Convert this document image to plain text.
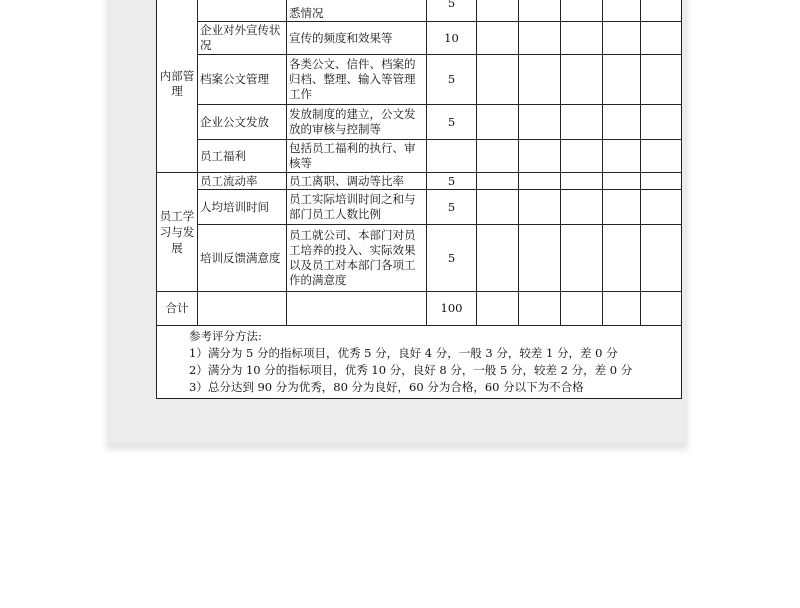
内部管理		悉情况	5					
	企业对外宣传状况	宣传的频度和效果等	10					
	档案公文管理	各类公文、信件、档案的归档、整理、输入等管理工作	5					
	企业公文发放	发放制度的建立，公文发放的审核与控制等	5					
	员工福利	包括员工福利的执行、审核等						
员工学习与发展	员工流动率	员工离职、调动等比率	5					
	人均培训时间	员工实际培训时间之和与部门员工人数比例	5					
	培训反馈满意度	员工就公司、本部门对员工培养的投入、实际效果以及员工对本部门各项工作的满意度	5					
合计			100					

参考评分方法:
1）满分为 5 分的指标项目，优秀 5 分，良好 4 分，一般 3 分，较差 1 分，差 0 分
2）满分为 10 分的指标项目，优秀 10 分，良好 8 分，一般 5 分，较差 2 分，差 0 分
3）总分达到 90 分为优秀，80 分为良好，60 分为合格，60 分以下为不合格								
